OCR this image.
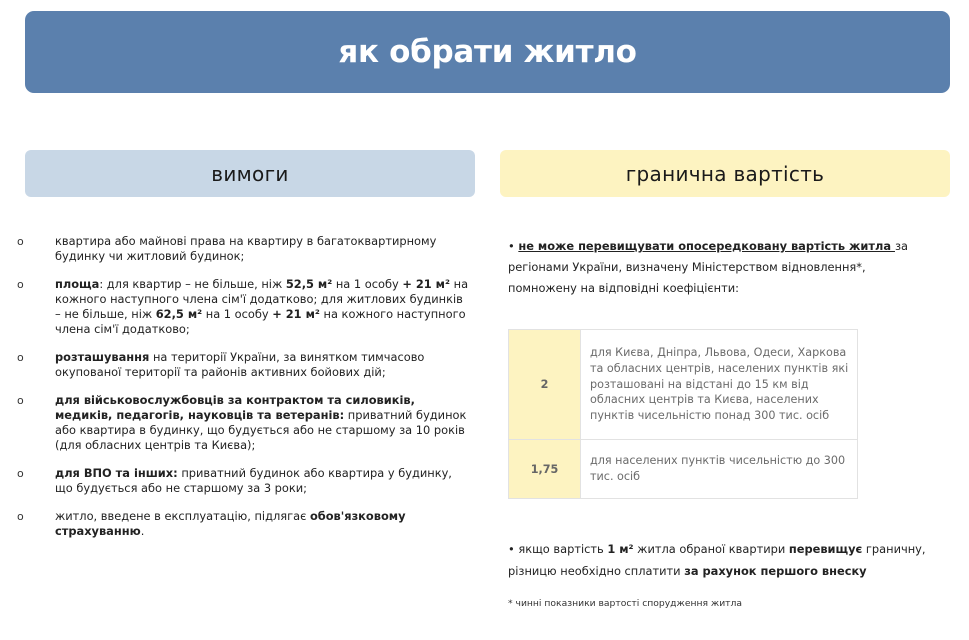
як обрати житло
вимоги	гранична вартість
o	квартира або майнові права на квартиру в багатоквартирному будинку чи житловий будинок;
o	площа: для квартир – не більше, ніж 52,5 м² на 1 особу + 21 м² на кожного наступного члена сім'ї додатково; для житлових будинків – не більше, ніж 62,5 м² на 1 особу + 21 м² на кожного наступного члена сім'ї додатково;
o	розташування на території України, за винятком тимчасово окупованої території та районів активних бойових дій;
o	для військовослужбовців за контрактом та силовиків, медиків, педагогів, науковців та ветеранів: приватний будинок або квартира в будинку, що будується або не старшому за 10 років (для обласних центрів та Києва);
o	для ВПО та інших: приватний будинок або квартира у будинку, що будується або не старшому за 3 роки;
o	житло, введене в експлуатацію, підлягає обов'язковому страхуванню.
• не може перевищувати опосередковану вартість житла за регіонами України, визначену Міністерством відновлення*, помножену на відповідні коефіцієнти:
2	для Києва, Дніпра, Львова, Одеси, Харкова та обласних центрів, населених пунктів які розташовані на відстані до 15 км від обласних центрів та Києва, населених пунктів чисельністю понад 300 тис. осіб
1,75	для населених пунктів чисельністю до 300 тис. осіб
• якщо вартість 1 м² житла обраної квартири перевищує граничну, різницю необхідно сплатити за рахунок першого внеску
* чинні показники вартості спорудження житла
